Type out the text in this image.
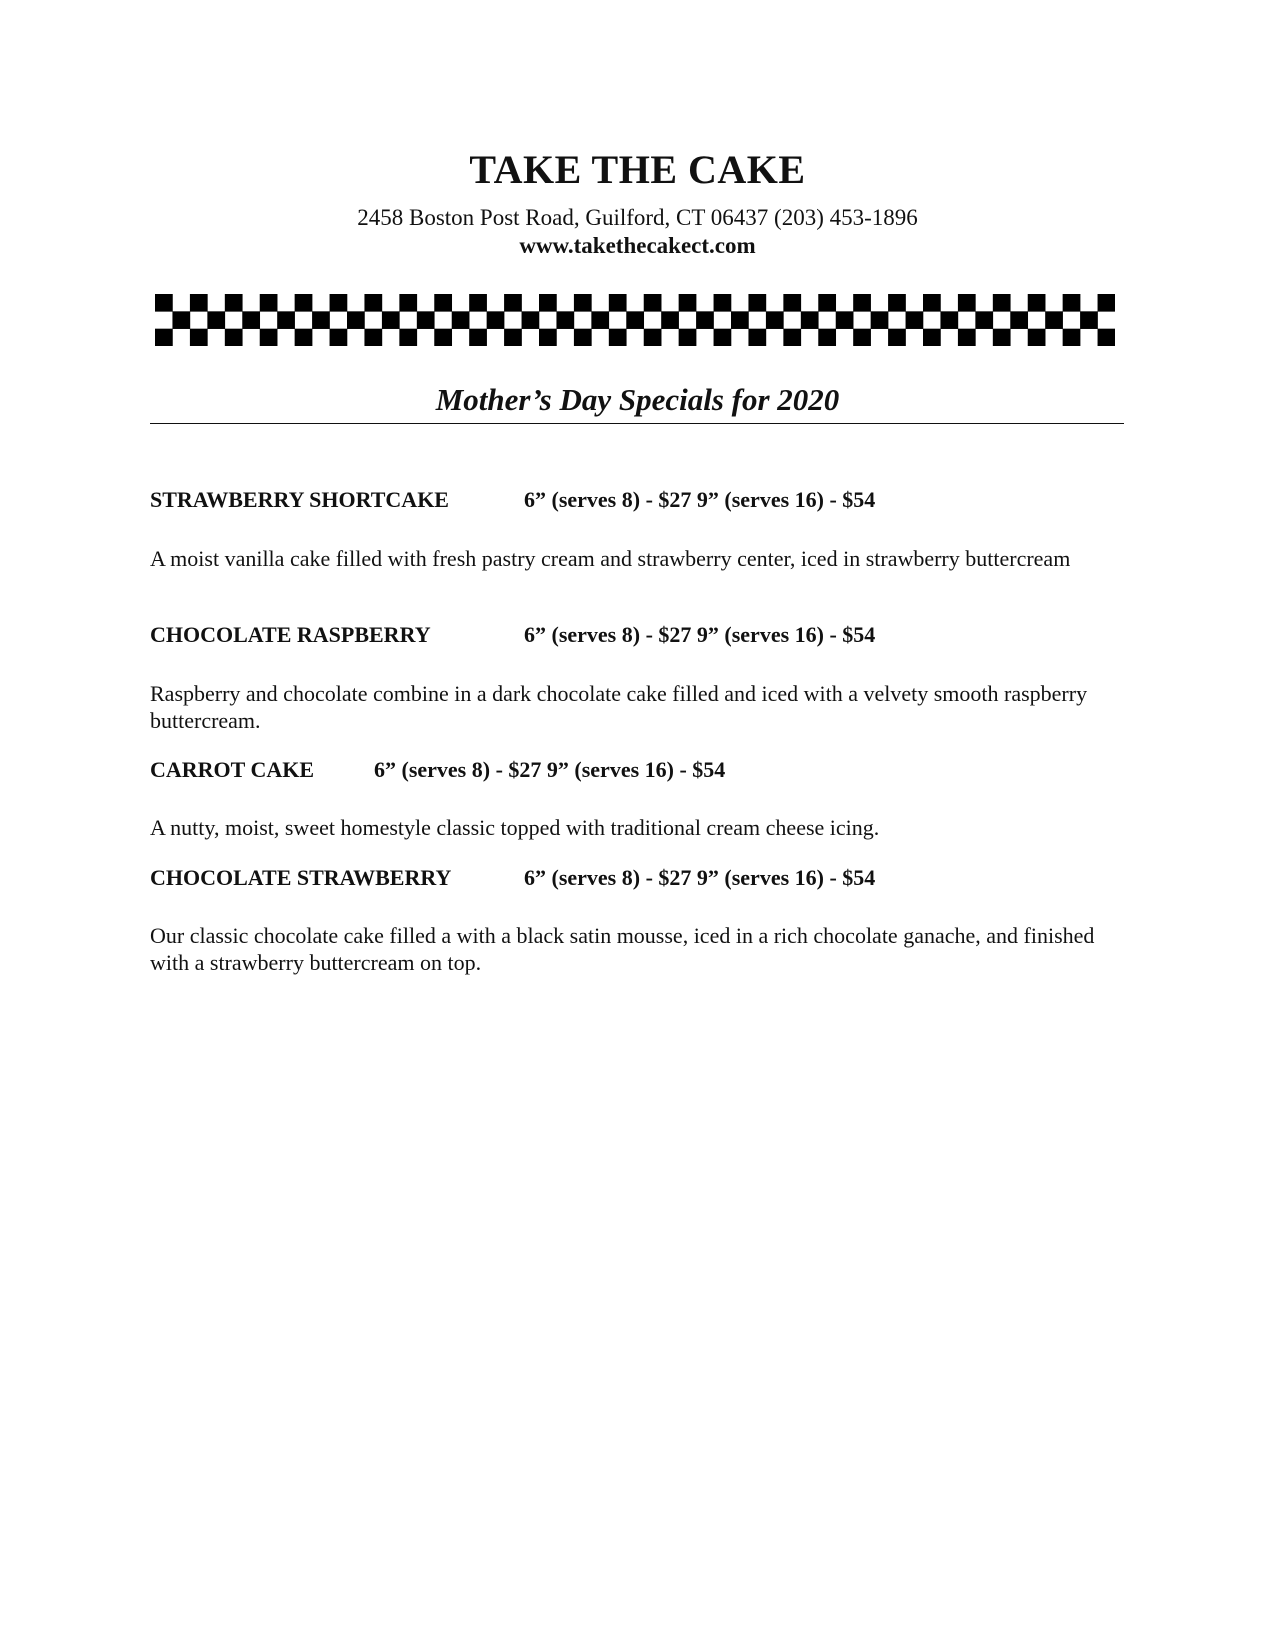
TAKE THE CAKE
2458 Boston Post Road, Guilford, CT 06437 (203) 453-1896
www.takethecakect.com
Mother’s Day Specials for 2020
STRAWBERRY SHORTCAKE	6” (serves 8) - $27 9” (serves 16) - $54
A moist vanilla cake filled with fresh pastry cream and strawberry center, iced in strawberry buttercream
CHOCOLATE RASPBERRY	6” (serves 8) - $27 9” (serves 16) - $54
Raspberry and chocolate combine in a dark chocolate cake filled and iced with a velvety smooth raspberry buttercream.
CARROT CAKE	6” (serves 8) - $27 9” (serves 16) - $54
A nutty, moist, sweet homestyle classic topped with traditional cream cheese icing.
CHOCOLATE STRAWBERRY	6” (serves 8) - $27 9” (serves 16) - $54
Our classic chocolate cake filled a with a black satin mousse, iced in a rich chocolate ganache, and finished with a strawberry buttercream on top.
